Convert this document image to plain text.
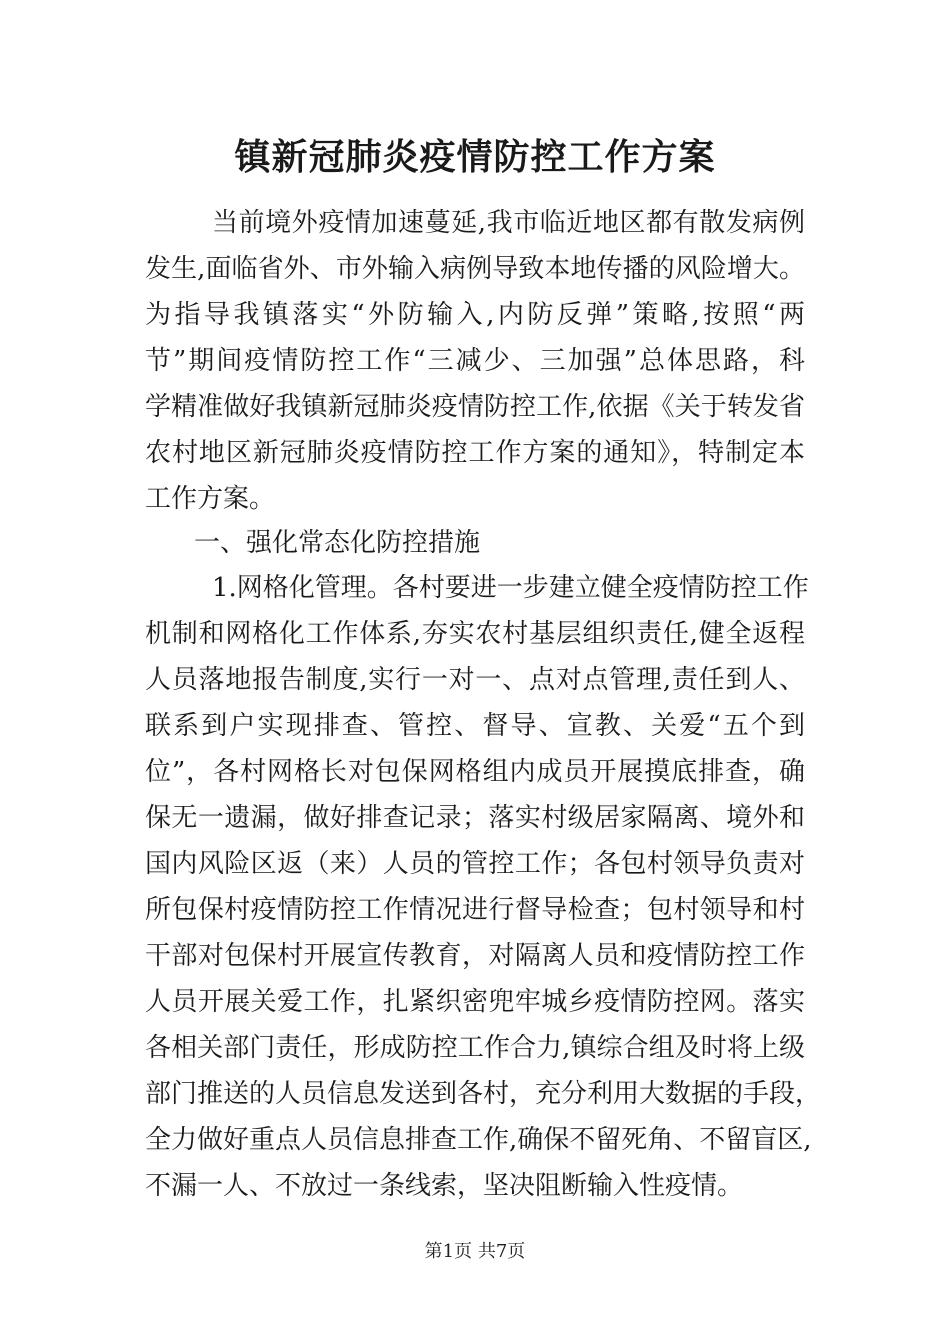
镇新冠肺炎疫情防控工作方案
当前境外疫情加速蔓延,我市临近地区都有散发病例
发生,面临省外、市外输入病例导致本地传播的风险增大。
为指导我镇落实“外防输入,内防反弹”策略,按照“两
节”期间疫情防控工作“三减少、三加强”总体思路，科
学精准做好我镇新冠肺炎疫情防控工作,依据《关于转发省
农村地区新冠肺炎疫情防控工作方案的通知》，特制定本
工作方案。
一、强化常态化防控措施
1.网格化管理。各村要进一步建立健全疫情防控工作
机制和网格化工作体系,夯实农村基层组织责任,健全返程
人员落地报告制度,实行一对一、点对点管理,责任到人、
联系到户实现排查、管控、督导、宣教、关爱“五个到
位”，各村网格长对包保网格组内成员开展摸底排查，确
保无一遗漏，做好排查记录；落实村级居家隔离、境外和
国内风险区返（来）人员的管控工作；各包村领导负责对
所包保村疫情防控工作情况进行督导检查；包村领导和村
干部对包保村开展宣传教育，对隔离人员和疫情防控工作
人员开展关爱工作，扎紧织密兜牢城乡疫情防控网。落实
各相关部门责任，形成防控工作合力,镇综合组及时将上级
部门推送的人员信息发送到各村，充分利用大数据的手段，
全力做好重点人员信息排查工作,确保不留死角、不留盲区,
不漏一人、不放过一条线索，坚决阻断输入性疫情。
第1页 共7页
